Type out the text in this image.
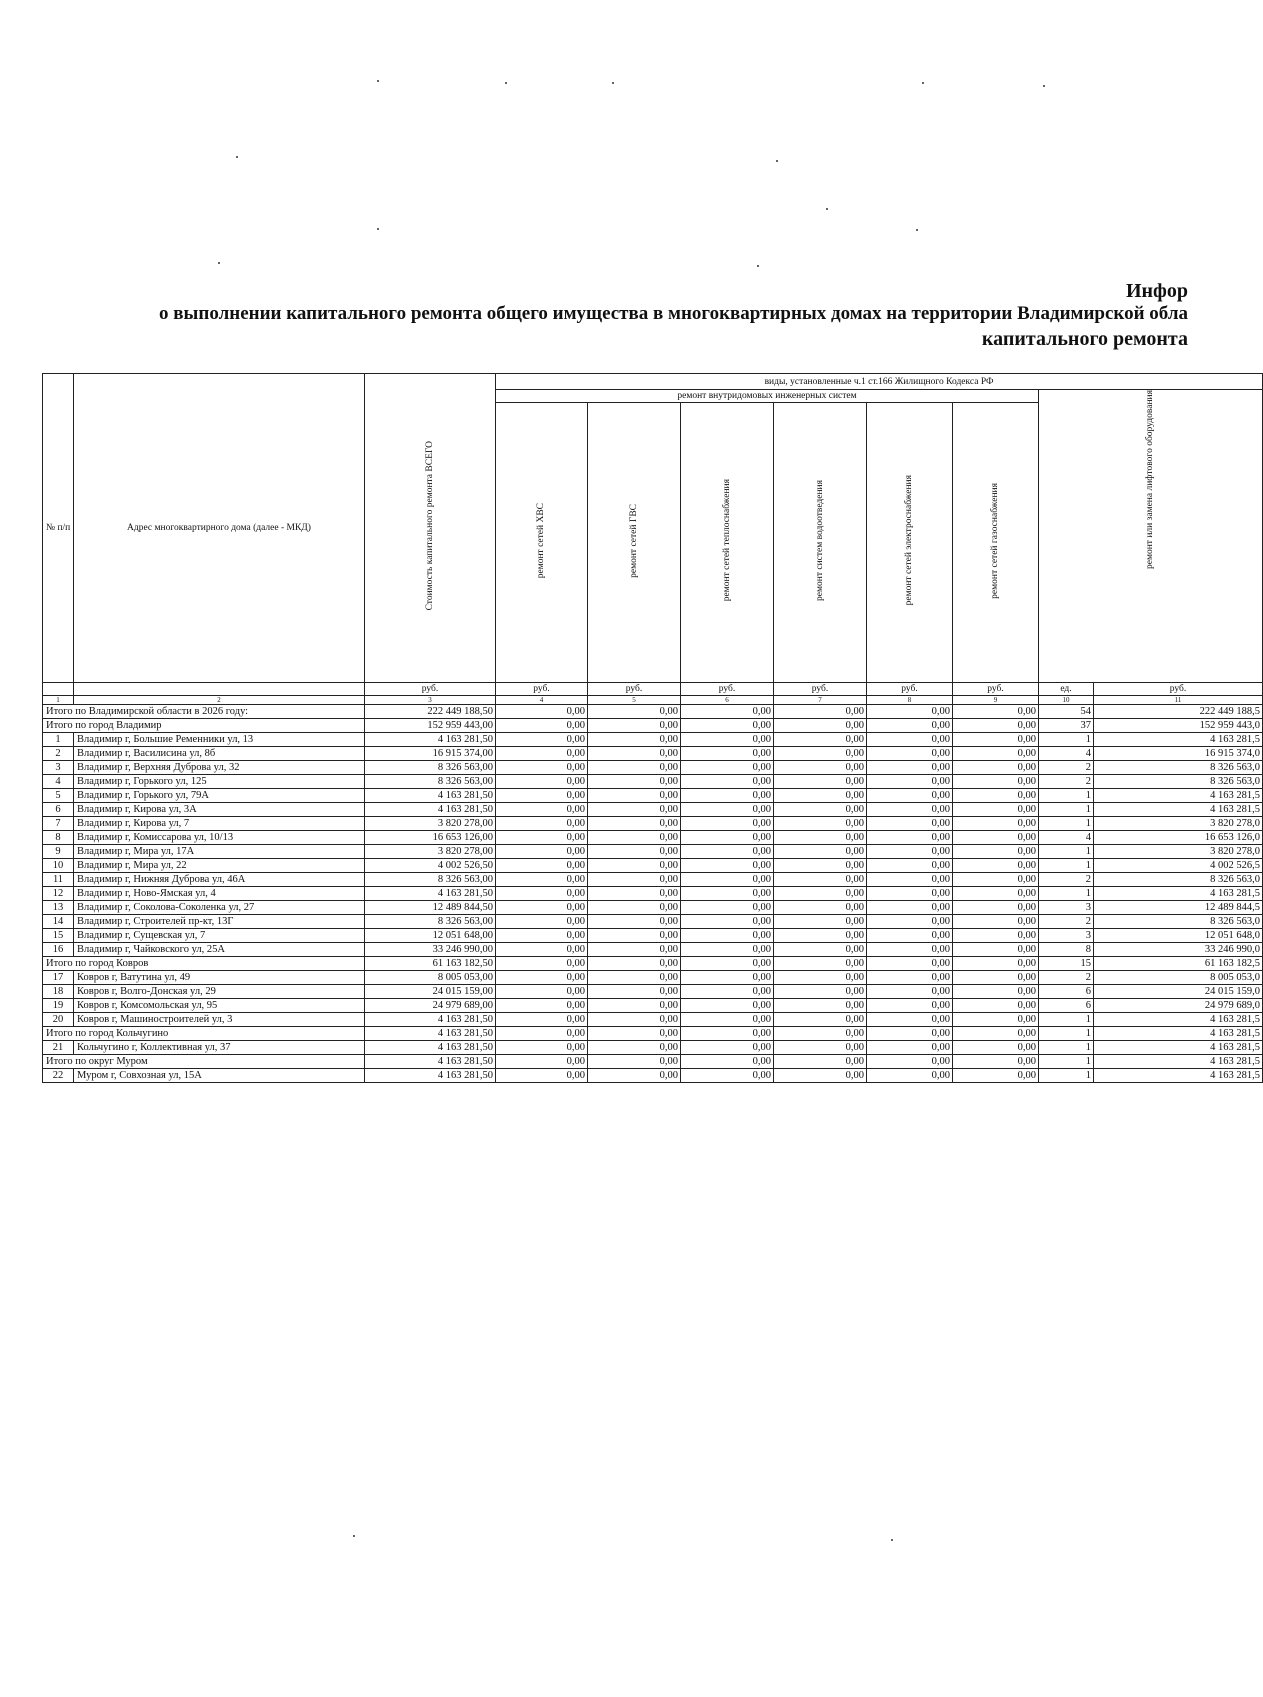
Инфор
о выполнении капитального ремонта общего имущества в многоквартирных домах на территории Владимирской обла
капитального ремонта
№ п/п	Адрес многоквартирного дома (далее - МКД)	Стоимость капитального ремонта ВСЕГО	виды, установленные ч.1 ст.166 Жилищного Кодекса РФ							
			ремонт внутридомовых инженерных систем						ремонт или замена лифтового оборудования	
			ремонт сетей ХВС	ремонт сетей ГВС	ремонт сетей теплоснабжения	ремонт систем водоотведения	ремонт сетей электроснабжения	ремонт сетей газоснабжения		
		руб.	руб.	руб.	руб.	руб.	руб.	руб.	ед.	руб.
1	2	3	4	5	6	7	8	9	10	11
Итого по Владимирской области в 2026 году:		222 449 188,50	0,00	0,00	0,00	0,00	0,00	0,00	54	222 449 188,5
Итого по город Владимир		152 959 443,00	0,00	0,00	0,00	0,00	0,00	0,00	37	152 959 443,0
1	Владимир г, Большие Ременники ул, 13	4 163 281,50	0,00	0,00	0,00	0,00	0,00	0,00	1	4 163 281,5
2	Владимир г, Василисина ул, 8б	16 915 374,00	0,00	0,00	0,00	0,00	0,00	0,00	4	16 915 374,0
3	Владимир г, Верхняя Дуброва ул, 32	8 326 563,00	0,00	0,00	0,00	0,00	0,00	0,00	2	8 326 563,0
4	Владимир г, Горького ул, 125	8 326 563,00	0,00	0,00	0,00	0,00	0,00	0,00	2	8 326 563,0
5	Владимир г, Горького ул, 79А	4 163 281,50	0,00	0,00	0,00	0,00	0,00	0,00	1	4 163 281,5
6	Владимир г, Кирова ул, 3А	4 163 281,50	0,00	0,00	0,00	0,00	0,00	0,00	1	4 163 281,5
7	Владимир г, Кирова ул, 7	3 820 278,00	0,00	0,00	0,00	0,00	0,00	0,00	1	3 820 278,0
8	Владимир г, Комиссарова ул, 10/13	16 653 126,00	0,00	0,00	0,00	0,00	0,00	0,00	4	16 653 126,0
9	Владимир г, Мира ул, 17А	3 820 278,00	0,00	0,00	0,00	0,00	0,00	0,00	1	3 820 278,0
10	Владимир г, Мира ул, 22	4 002 526,50	0,00	0,00	0,00	0,00	0,00	0,00	1	4 002 526,5
11	Владимир г, Нижняя Дуброва ул, 46А	8 326 563,00	0,00	0,00	0,00	0,00	0,00	0,00	2	8 326 563,0
12	Владимир г, Ново-Ямская ул, 4	4 163 281,50	0,00	0,00	0,00	0,00	0,00	0,00	1	4 163 281,5
13	Владимир г, Соколова-Соколенка ул, 27	12 489 844,50	0,00	0,00	0,00	0,00	0,00	0,00	3	12 489 844,5
14	Владимир г, Строителей пр-кт, 13Г	8 326 563,00	0,00	0,00	0,00	0,00	0,00	0,00	2	8 326 563,0
15	Владимир г, Сущевская ул, 7	12 051 648,00	0,00	0,00	0,00	0,00	0,00	0,00	3	12 051 648,0
16	Владимир г, Чайковского ул, 25А	33 246 990,00	0,00	0,00	0,00	0,00	0,00	0,00	8	33 246 990,0
Итого по город Ковров		61 163 182,50	0,00	0,00	0,00	0,00	0,00	0,00	15	61 163 182,5
17	Ковров г, Ватутина ул, 49	8 005 053,00	0,00	0,00	0,00	0,00	0,00	0,00	2	8 005 053,0
18	Ковров г, Волго-Донская ул, 29	24 015 159,00	0,00	0,00	0,00	0,00	0,00	0,00	6	24 015 159,0
19	Ковров г, Комсомольская ул, 95	24 979 689,00	0,00	0,00	0,00	0,00	0,00	0,00	6	24 979 689,0
20	Ковров г, Машиностроителей ул, 3	4 163 281,50	0,00	0,00	0,00	0,00	0,00	0,00	1	4 163 281,5
Итого по город Кольчугино		4 163 281,50	0,00	0,00	0,00	0,00	0,00	0,00	1	4 163 281,5
21	Кольчугино г, Коллективная ул, 37	4 163 281,50	0,00	0,00	0,00	0,00	0,00	0,00	1	4 163 281,5
Итого по округ Муром		4 163 281,50	0,00	0,00	0,00	0,00	0,00	0,00	1	4 163 281,5
22	Муром г, Совхозная ул, 15А	4 163 281,50	0,00	0,00	0,00	0,00	0,00	0,00	1	4 163 281,5
